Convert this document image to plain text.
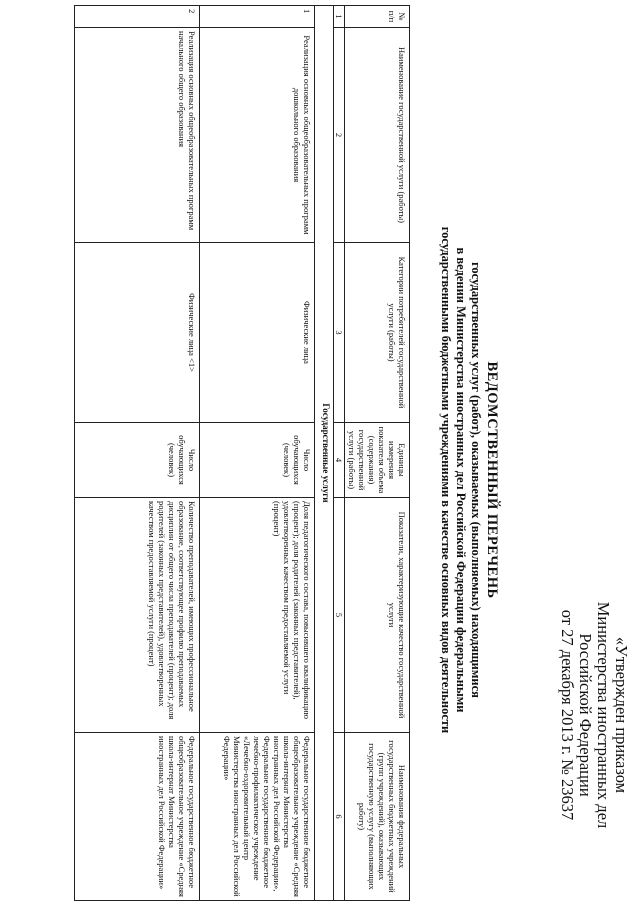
«Утвержден приказом
Министерства иностранных дел
Российской Федерации
от 27 декабря 2013 г. № 23637
ВЕДОМСТВЕННЫЙ ПЕРЕЧЕНЬ
государственных услуг (работ), оказываемых (выполняемых) находящимися
в ведении Министерства иностранных дел Российской Федерации федеральными
государственными бюджетными учреждениями в качестве основных видов деятельности
№ п/п	Наименование государственной услуги (работы)	Категории потребителей государственной услуги (работы)	Единицы измерения показателя объема (содержания) государственной услуги (работы)	Показатели, характеризующие качество государственной услуги	Наименования федеральных государственных бюджетных учреждений (групп учреждений), оказывающих государственную услугу (выполняющих работу)
1	2	3	4	5	6
Государственные услуги					
1	Реализация основных общеобразовательных программ дошкольного образования	Физические лица	Число обучающихся (человек)	Доля педагогического состава, повысившего квалификацию (процент); доля родителей (законных представителей), удовлетворенных качеством предоставляемой услуги (процент)	Федеральное государственное бюджетное общеобразовательное учреждение «Средняя школа-интернат Министерства иностранных дел Российской Федерации», Федеральное государственное бюджетное лечебно-профилактическое учреждение «Лечебно-оздоровительный центр Министерства иностранных дел Российской Федерации»
2	Реализация основных общеобразовательных программ начального общего образования	Физические лица <1>	Число обучающихся (человек)	Количество преподавателей, имеющих профессиональное образование, соответствующее профилю преподаваемых дисциплин от общего числа преподавателей (процент); доля родителей (законных представителей), удовлетворенных качеством предоставляемой услуги (процент)	Федеральное государственное бюджетное общеобразовательное учреждение «Средняя школа-интернат Министерства иностранных дел Российской Федерации»
